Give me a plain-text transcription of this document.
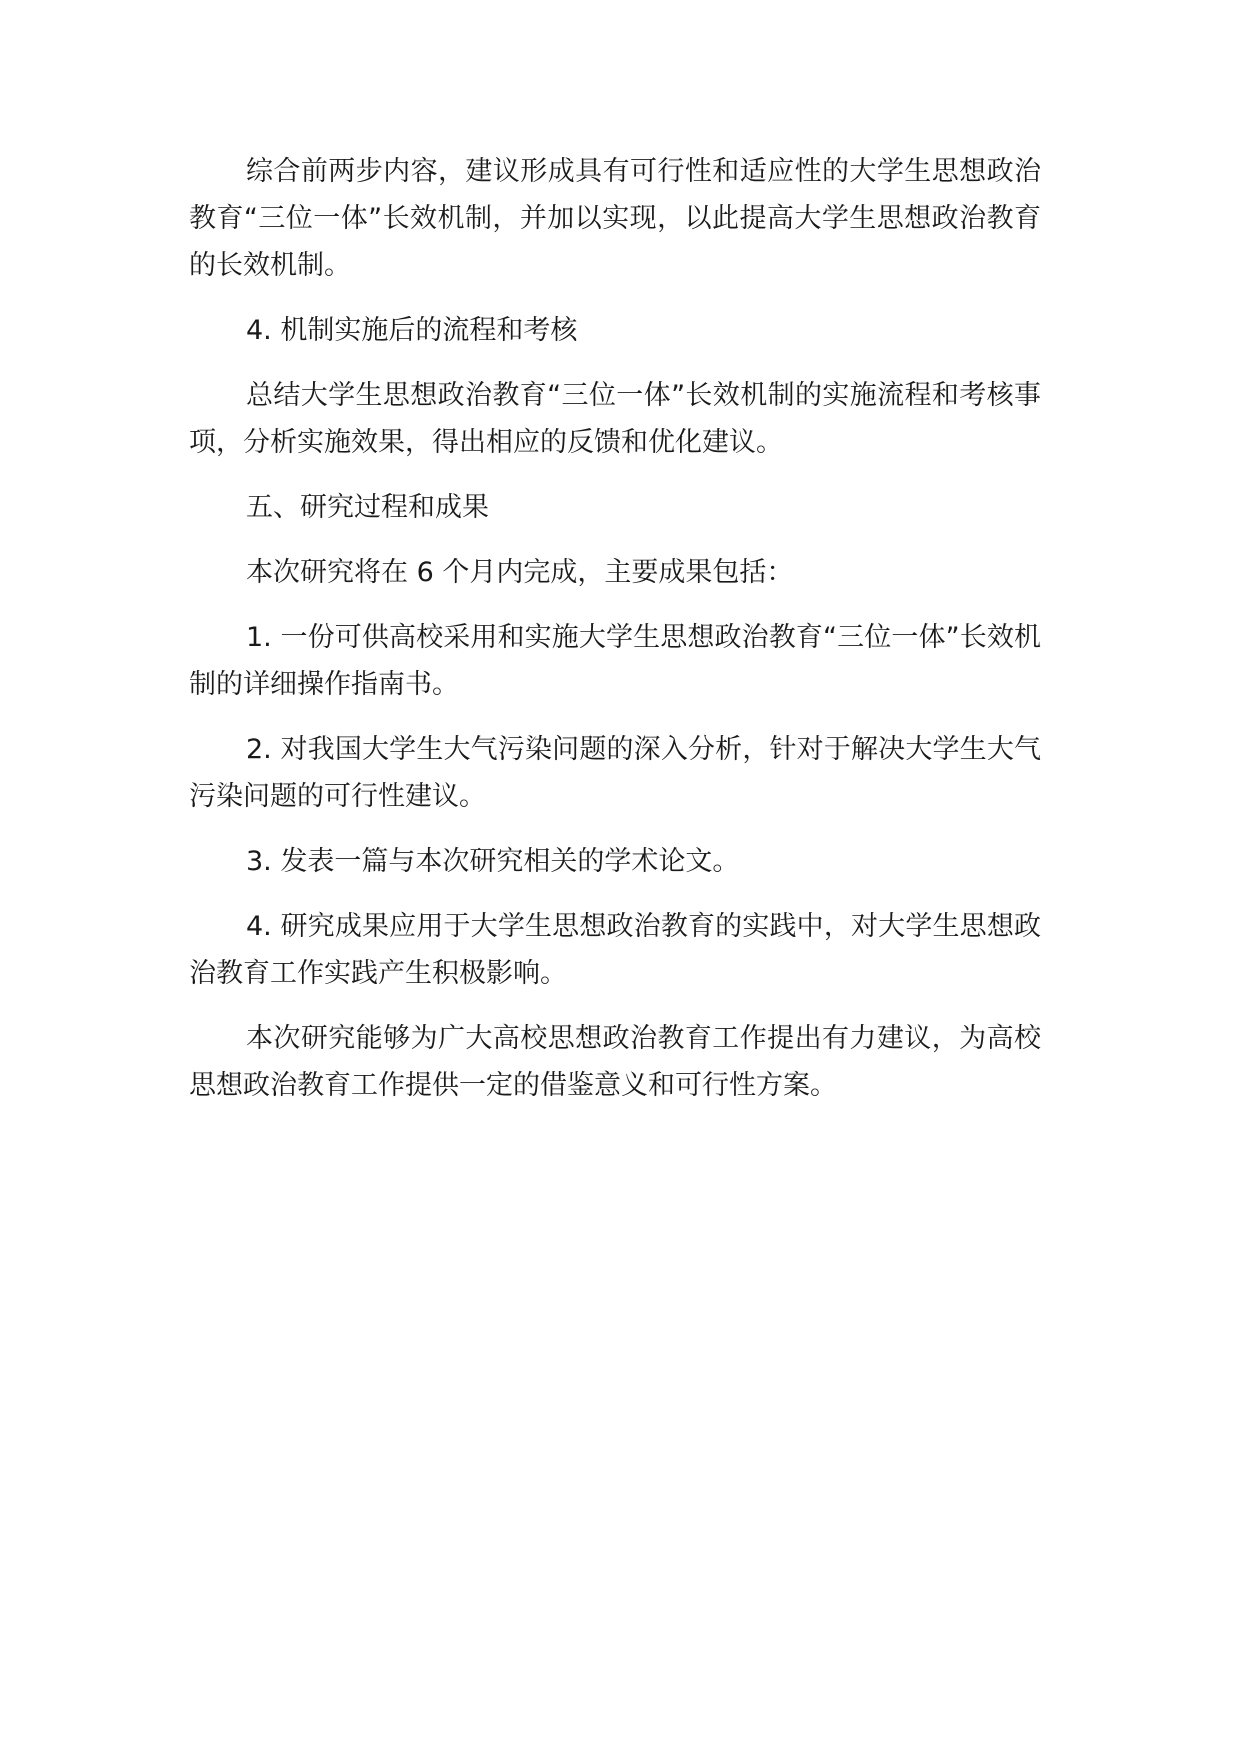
综合前两步内容，建议形成具有可行性和适应性的大学生思想政治教育“三位一体”长效机制，并加以实现，以此提高大学生思想政治教育的长效机制。

4. 机制实施后的流程和考核

总结大学生思想政治教育“三位一体”长效机制的实施流程和考核事项，分析实施效果，得出相应的反馈和优化建议。

五、研究过程和成果

本次研究将在 6 个月内完成，主要成果包括：

1. 一份可供高校采用和实施大学生思想政治教育“三位一体”长效机制的详细操作指南书。

2. 对我国大学生大气污染问题的深入分析，针对于解决大学生大气污染问题的可行性建议。

3. 发表一篇与本次研究相关的学术论文。

4. 研究成果应用于大学生思想政治教育的实践中，对大学生思想政治教育工作实践产生积极影响。

本次研究能够为广大高校思想政治教育工作提出有力建议，为高校思想政治教育工作提供一定的借鉴意义和可行性方案。
